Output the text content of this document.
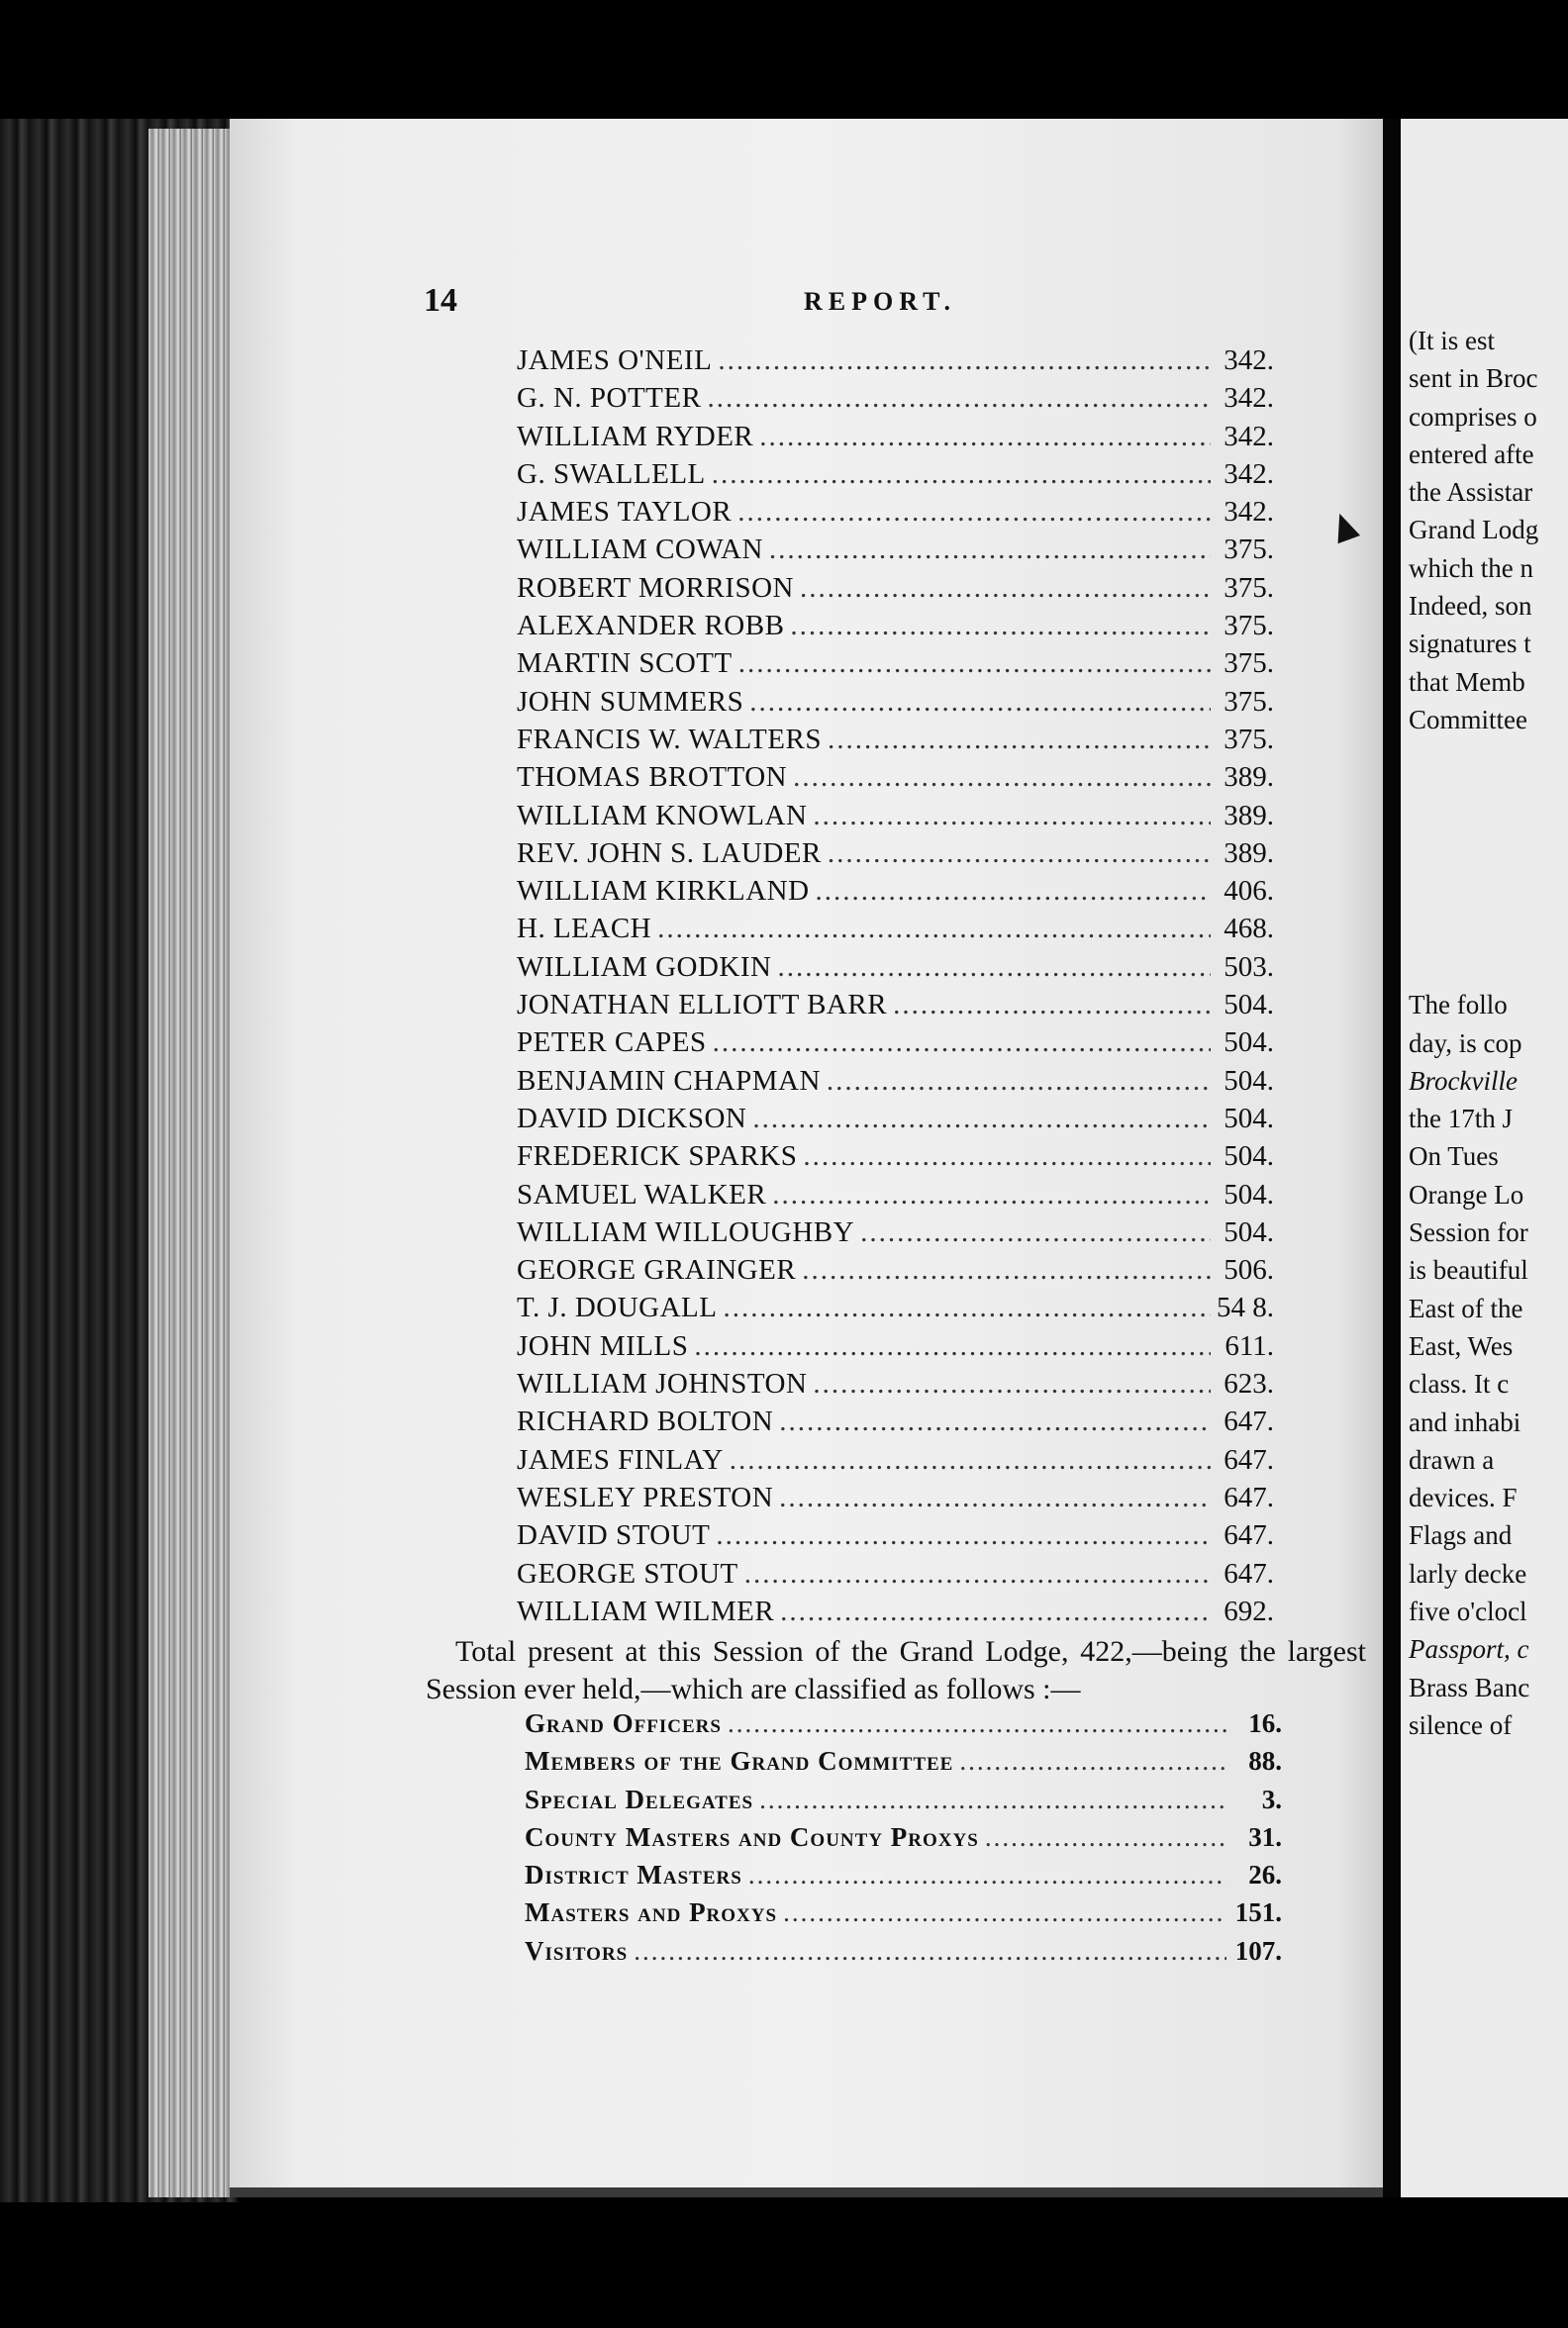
14	REPORT.
JAMES O'NEIL .....	342.
G. N. POTTER .....	342.
WILLIAM RYDER .....	342.
G. SWALLELL .....	342.
JAMES TAYLOR .....	342.
WILLIAM COWAN .....	375.
ROBERT MORRISON .....	375.
ALEXANDER ROBB .....	375.
MARTIN SCOTT .....	375.
JOHN SUMMERS .....	375.
FRANCIS W. WALTERS .....	375.
THOMAS BROTTON .....	389.
WILLIAM KNOWLAN .....	389.
REV. JOHN S. LAUDER .....	389.
WILLIAM KIRKLAND .....	406.
H. LEACH .....	468.
WILLIAM GODKIN .....	503.
JONATHAN ELLIOTT BARR .....	504.
PETER CAPES .....	504.
BENJAMIN CHAPMAN .....	504.
DAVID DICKSON .....	504.
FREDERICK SPARKS .....	504.
SAMUEL WALKER .....	504.
WILLIAM WILLOUGHBY .....	504.
GEORGE GRAINGER .....	506.
T. J. DOUGALL .....	54 8.
JOHN MILLS .....	611.
WILLIAM JOHNSTON .....	623.
RICHARD BOLTON .....	647.
JAMES FINLAY .....	647.
WESLEY PRESTON .....	647.
DAVID STOUT .....	647.
GEORGE STOUT .....	647.
WILLIAM WILMER .....	692.
Total present at this Session of the Grand Lodge, 422,—being the largest Session ever held,—which are classified as follows :—
Grand Officers .....	16.
Members of the Grand Committee .....	88.
Special Delegates .....	3.
County Masters and County Proxys .....	31.
District Masters .....	26.
Masters and Proxys .....	151.
Visitors .....	107.
(It is est
sent in Broc
comprises o
entered afte
the Assistar
Grand Lodg
which the n
Indeed, son
signatures t
that Memb
Committee
The follo
day, is cop
Brockville
the 17th J
On Tues
Orange Lo
Session for
is beautiful
East of the
East, Wes
class. It c
and inhabi
drawn a
devices. F
Flags and
larly decke
five o'clocl
Passport, c
Brass Banc
silence of
